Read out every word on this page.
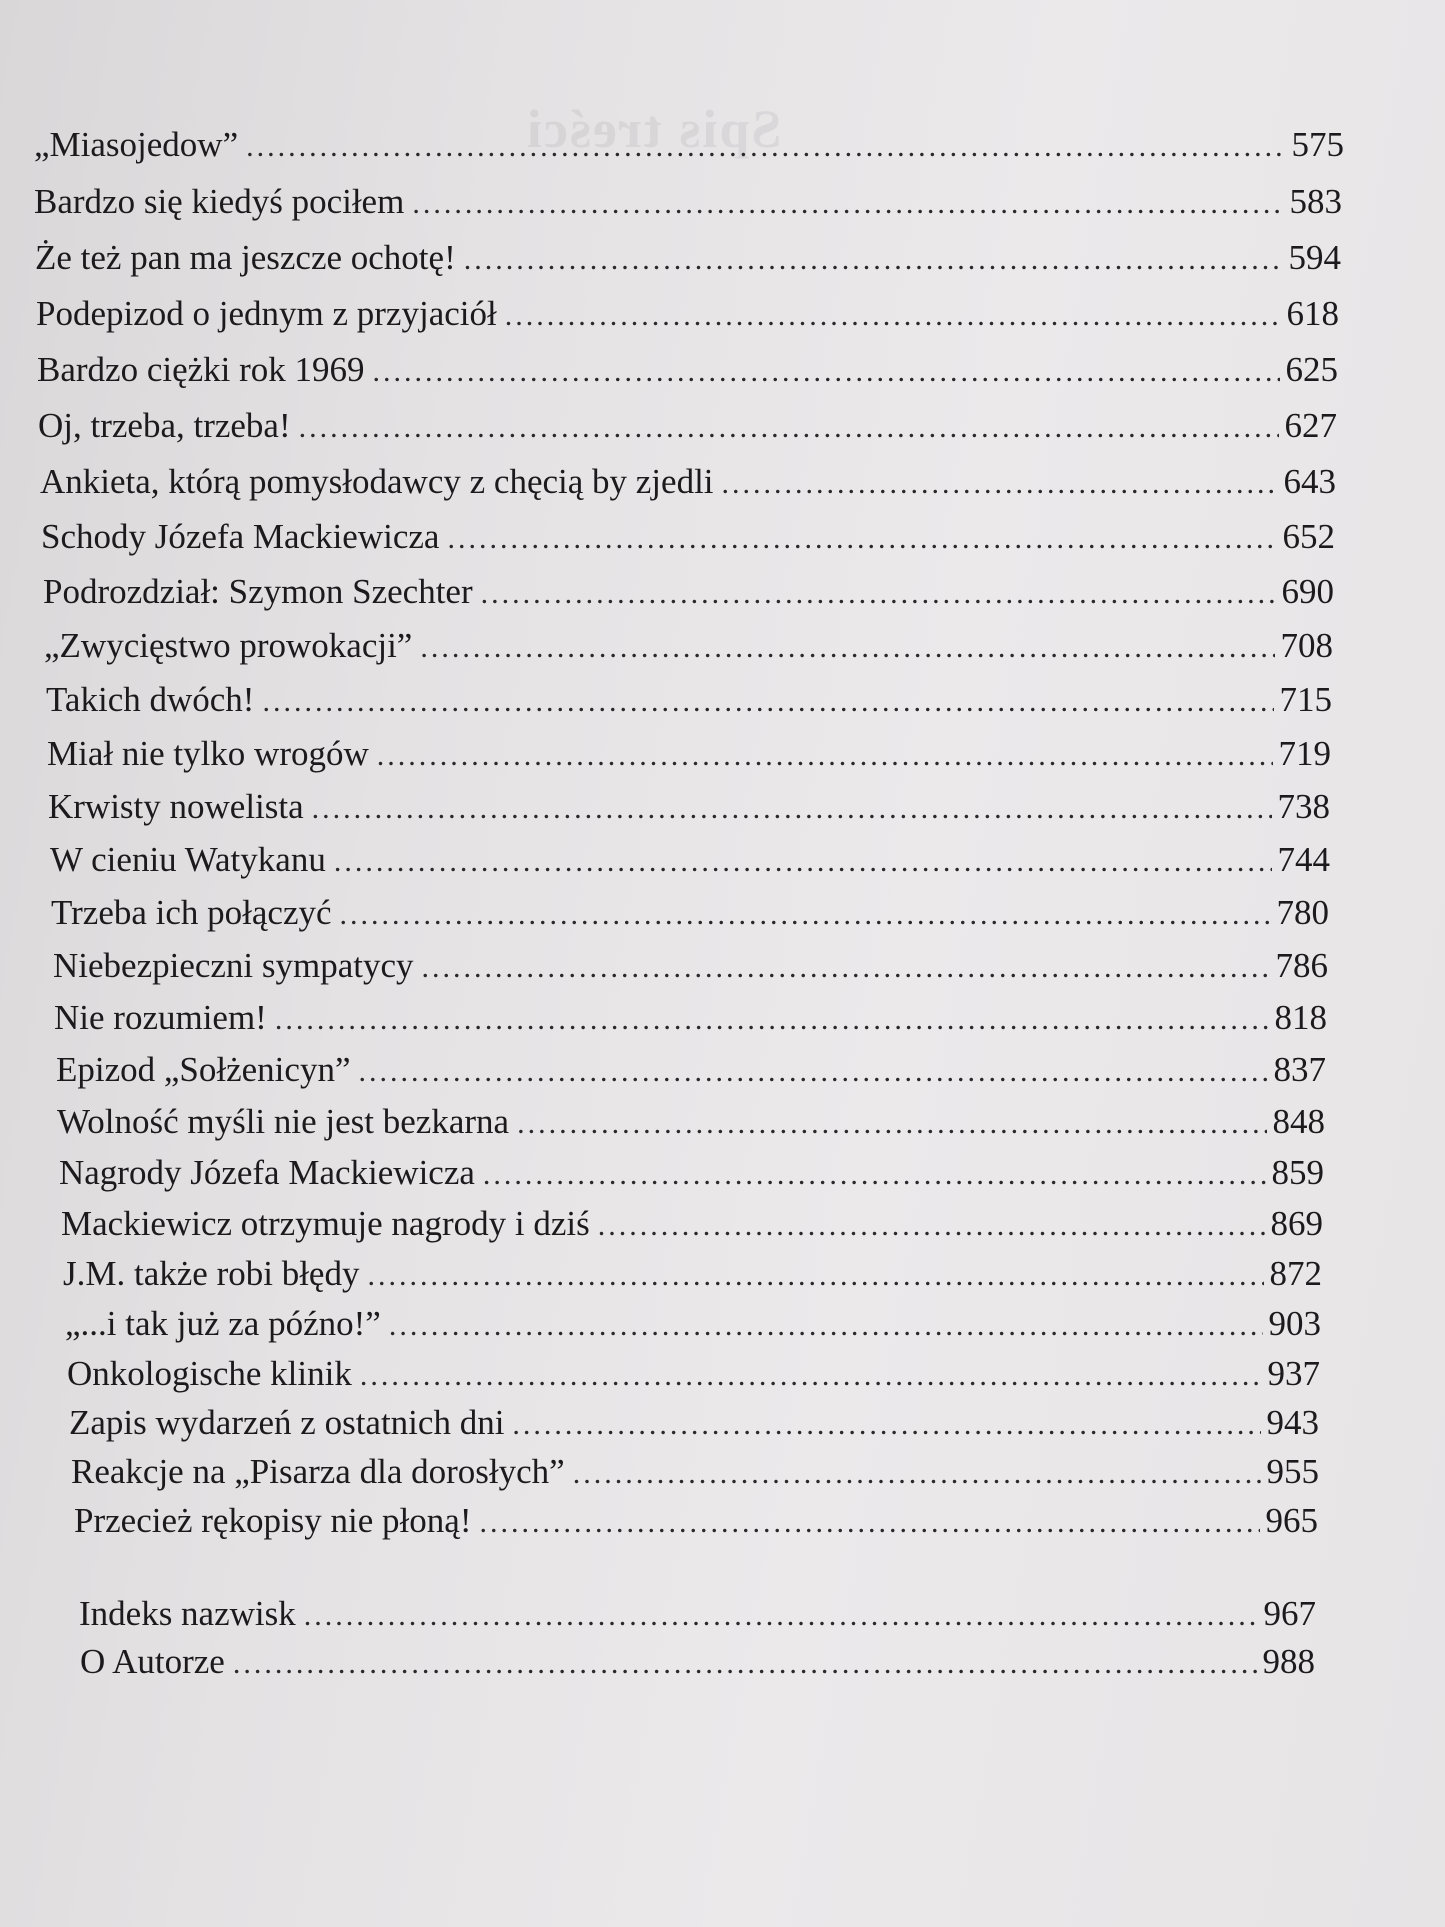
Spis treści
„Miasojedow” .....	575
Bardzo się kiedyś pociłem .....	583
Że też pan ma jeszcze ochotę! .....	594
Podepizod o jednym z przyjaciół .....	618
Bardzo ciężki rok 1969 .....	625
Oj, trzeba, trzeba! .....	627
Ankieta, którą pomysłodawcy z chęcią by zjedli .....	643
Schody Józefa Mackiewicza .....	652
Podrozdział: Szymon Szechter .....	690
„Zwycięstwo prowokacji” .....	708
Takich dwóch! .....	715
Miał nie tylko wrogów .....	719
Krwisty nowelista .....	738
W cieniu Watykanu .....	744
Trzeba ich połączyć .....	780
Niebezpieczni sympatycy .....	786
Nie rozumiem! .....	818
Epizod „Sołżenicyn” .....	837
Wolność myśli nie jest bezkarna .....	848
Nagrody Józefa Mackiewicza .....	859
Mackiewicz otrzymuje nagrody i dziś .....	869
J.M. także robi błędy .....	872
„...i tak już za późno!” .....	903
Onkologische klinik .....	937
Zapis wydarzeń z ostatnich dni .....	943
Reakcje na „Pisarza dla dorosłych” .....	955
Przecież rękopisy nie płoną! .....	965
Indeks nazwisk .....	967
O Autorze .....	988
